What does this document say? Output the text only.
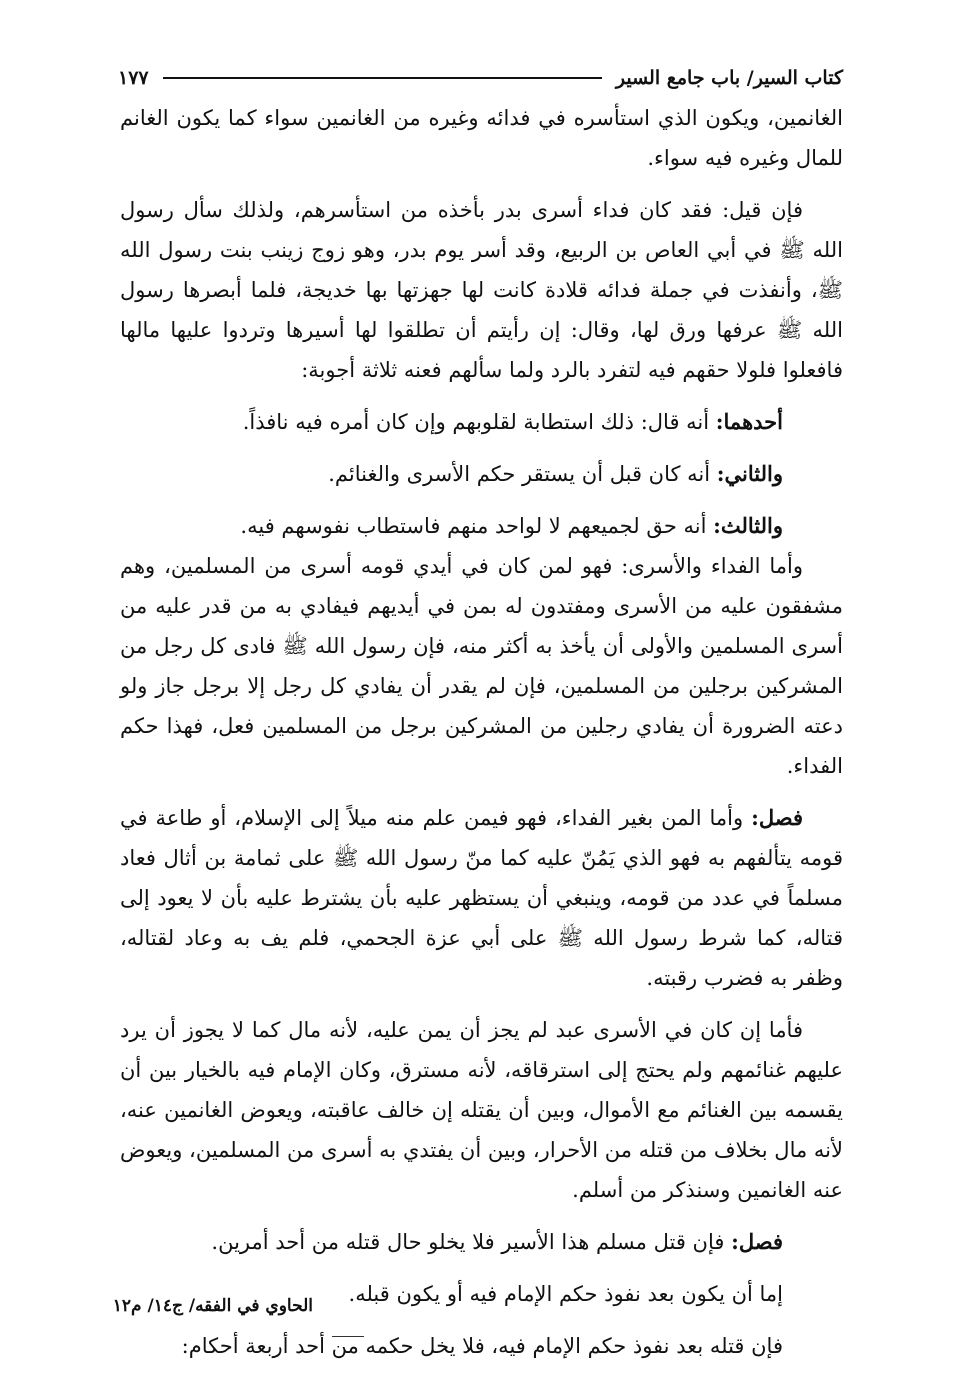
كتاب السير/ باب جامع السير
١٧٧

الغانمين، ويكون الذي استأسره في فدائه وغيره من الغانمين سواء كما يكون الغانم للمال وغيره فيه سواء.

فإن قيل: فقد كان فداء أسرى بدر بأخذه من استأسرهم، ولذلك سأل رسول الله ﷺ في أبي العاص بن الربيع، وقد أسر يوم بدر، وهو زوج زينب بنت رسول الله ﷺ، وأنفذت في جملة فدائه قلادة كانت لها جهزتها بها خديجة، فلما أبصرها رسول الله ﷺ عرفها ورق لها، وقال: إن رأيتم أن تطلقوا لها أسيرها وتردوا عليها مالها فافعلوا فلولا حقهم فيه لتفرد بالرد ولما سألهم فعنه ثلاثة أجوبة:

أحدهما: أنه قال: ذلك استطابة لقلوبهم وإن كان أمره فيه نافذاً.

والثاني: أنه كان قبل أن يستقر حكم الأسرى والغنائم.

والثالث: أنه حق لجميعهم لا لواحد منهم فاستطاب نفوسهم فيه.

وأما الفداء والأسرى: فهو لمن كان في أيدي قومه أسرى من المسلمين، وهم مشفقون عليه من الأسرى ومفتدون له بمن في أيديهم فيفادي به من قدر عليه من أسرى المسلمين والأولى أن يأخذ به أكثر منه، فإن رسول الله ﷺ فادى كل رجل من المشركين برجلين من المسلمين، فإن لم يقدر أن يفادي كل رجل إلا برجل جاز ولو دعته الضرورة أن يفادي رجلين من المشركين برجل من المسلمين فعل، فهذا حكم الفداء.

فصل: وأما المن بغير الفداء، فهو فيمن علم منه ميلاً إلى الإسلام، أو طاعة في قومه يتألفهم به فهو الذي يَمُنّ عليه كما منّ رسول الله ﷺ على ثمامة بن أثال فعاد مسلماً في عدد من قومه، وينبغي أن يستظهر عليه بأن يشترط عليه بأن لا يعود إلى قتاله، كما شرط رسول الله ﷺ على أبي عزة الجحمي، فلم يف به وعاد لقتاله، وظفر به فضرب رقبته.

فأما إن كان في الأسرى عبد لم يجز أن يمن عليه، لأنه مال كما لا يجوز أن يرد عليهم غنائمهم ولم يحتج إلى استرقاقه، لأنه مسترق، وكان الإمام فيه بالخيار بين أن يقسمه بين الغنائم مع الأموال، وبين أن يقتله إن خالف عاقبته، ويعوض الغانمين عنه، لأنه مال بخلاف من قتله من الأحرار، وبين أن يفتدي به أسرى من المسلمين، ويعوض عنه الغانمين وسنذكر من أسلم.

فصل: فإن قتل مسلم هذا الأسير فلا يخلو حال قتله من أحد أمرين.

إما أن يكون بعد نفوذ حكم الإمام فيه أو يكون قبله.

فإن قتله بعد نفوذ حكم الإمام فيه، فلا يخل حكمه من أحد أربعة أحكام:

الحاوي في الفقه/ ج١٤/ م١٢
